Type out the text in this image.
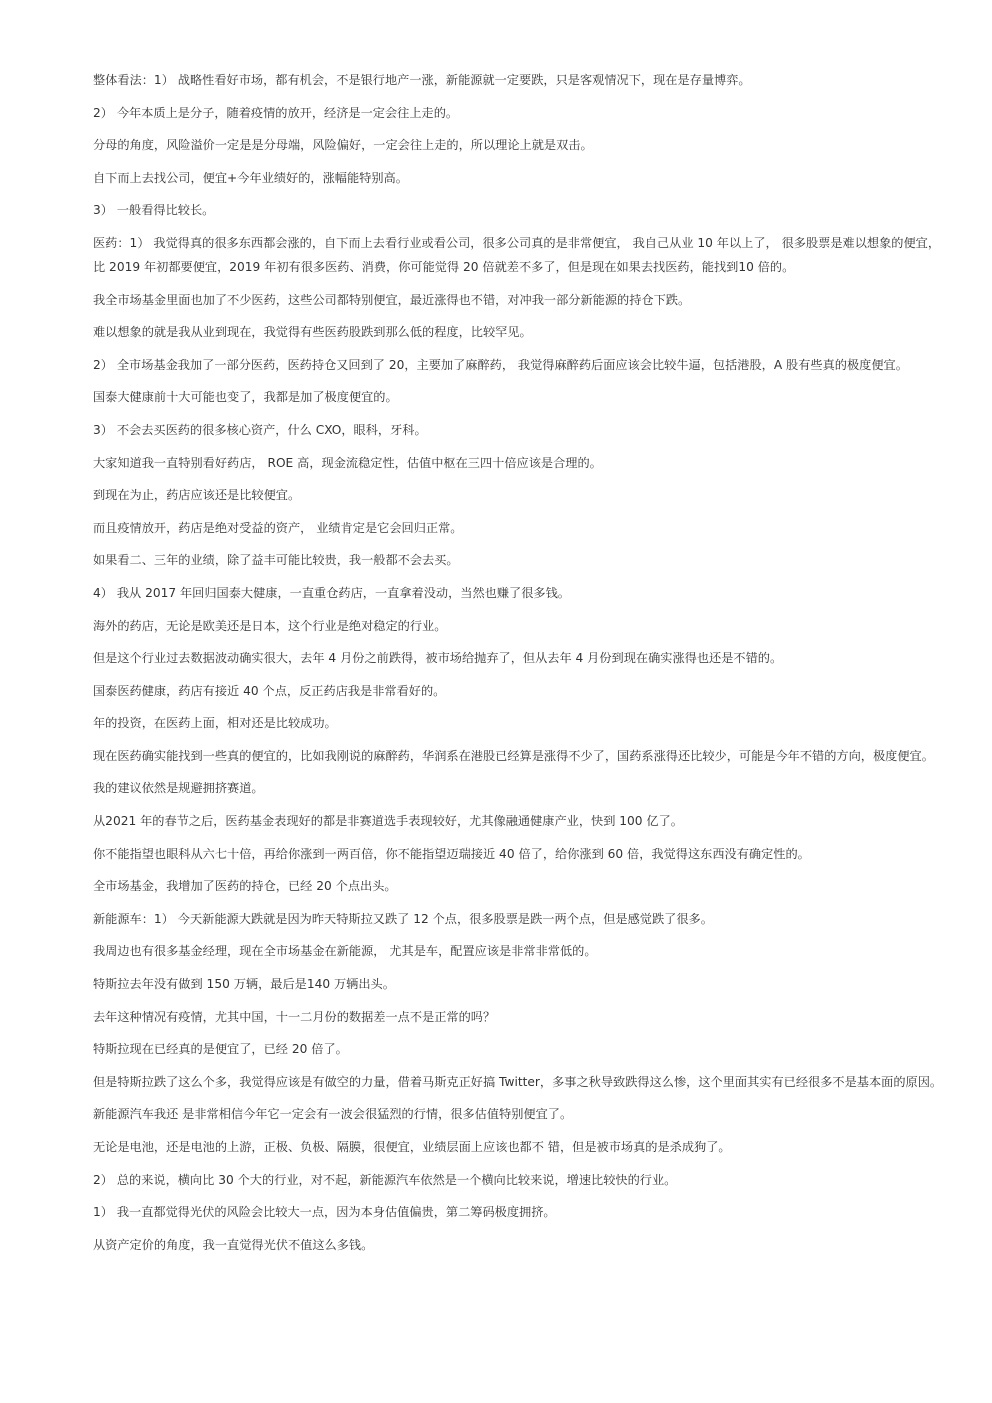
整体看法：1） 战略性看好市场，都有机会，不是银行地产一涨，新能源就一定要跌，只是客观情况下，现在是存量博弈。

2） 今年本质上是分子，随着疫情的放开，经济是一定会往上走的。

分母的角度，风险溢价一定是是分母端，风险偏好，一定会往上走的，所以理论上就是双击。

自下而上去找公司，便宜+今年业绩好的，涨幅能特别高。

3） 一般看得比较长。

医药：1） 我觉得真的很多东西都会涨的，自下而上去看行业或看公司，很多公司真的是非常便宜， 我自己从业 10 年以上了， 很多股票是难以想象的便宜， 比 2019 年初都要便宜，2019 年初有很多医药、消费，你可能觉得 20 倍就差不多了，但是现在如果去找医药，能找到10 倍的。

我全市场基金里面也加了不少医药，这些公司都特别便宜，最近涨得也不错，对冲我一部分新能源的持仓下跌。

难以想象的就是我从业到现在，我觉得有些医药股跌到那么低的程度，比较罕见。

2） 全市场基金我加了一部分医药，医药持仓又回到了 20，主要加了麻醉药， 我觉得麻醉药后面应该会比较牛逼，包括港股，A 股有些真的极度便宜。

国泰大健康前十大可能也变了，我都是加了极度便宜的。

3） 不会去买医药的很多核心资产，什么 CXO，眼科，牙科。

大家知道我一直特别看好药店， ROE 高，现金流稳定性，估值中枢在三四十倍应该是合理的。

到现在为止，药店应该还是比较便宜。

而且疫情放开，药店是绝对受益的资产， 业绩肯定是它会回归正常。

如果看二、三年的业绩，除了益丰可能比较贵，我一般都不会去买。

4） 我从 2017 年回归国泰大健康，一直重仓药店，一直拿着没动，当然也赚了很多钱。

海外的药店，无论是欧美还是日本，这个行业是绝对稳定的行业。

但是这个行业过去数据波动确实很大，去年 4 月份之前跌得，被市场给抛弃了，但从去年 4 月份到现在确实涨得也还是不错的。

国泰医药健康，药店有接近 40 个点，反正药店我是非常看好的。

年的投资，在医药上面，相对还是比较成功。

现在医药确实能找到一些真的便宜的，比如我刚说的麻醉药，华润系在港股已经算是涨得不少了，国药系涨得还比较少，可能是今年不错的方向，极度便宜。

我的建议依然是规避拥挤赛道。

从2021 年的春节之后，医药基金表现好的都是非赛道选手表现较好，尤其像融通健康产业，快到 100 亿了。

你不能指望也眼科从六七十倍，再给你涨到一两百倍，你不能指望迈瑞接近 40 倍了，给你涨到 60 倍，我觉得这东西没有确定性的。

全市场基金，我增加了医药的持仓，已经 20 个点出头。

新能源车：1） 今天新能源大跌就是因为昨天特斯拉又跌了 12 个点，很多股票是跌一两个点，但是感觉跌了很多。

我周边也有很多基金经理，现在全市场基金在新能源， 尤其是车，配置应该是非常非常低的。

特斯拉去年没有做到 150 万辆，最后是140 万辆出头。

去年这种情况有疫情，尤其中国，十一二月份的数据差一点不是正常的吗？

特斯拉现在已经真的是便宜了，已经 20 倍了。

但是特斯拉跌了这么个多，我觉得应该是有做空的力量，借着马斯克正好搞 Twitter，多事之秋导致跌得这么惨，这个里面其实有已经很多不是基本面的原因。

新能源汽车我还 是非常相信今年它一定会有一波会很猛烈的行情，很多估值特别便宜了。

无论是电池，还是电池的上游，正极、负极、隔膜，很便宜，业绩层面上应该也都不 错，但是被市场真的是杀成狗了。

2） 总的来说，横向比 30 个大的行业，对不起，新能源汽车依然是一个横向比较来说，增速比较快的行业。

1） 我一直都觉得光伏的风险会比较大一点，因为本身估值偏贵，第二筹码极度拥挤。

从资产定价的角度，我一直觉得光伏不值这么多钱。
